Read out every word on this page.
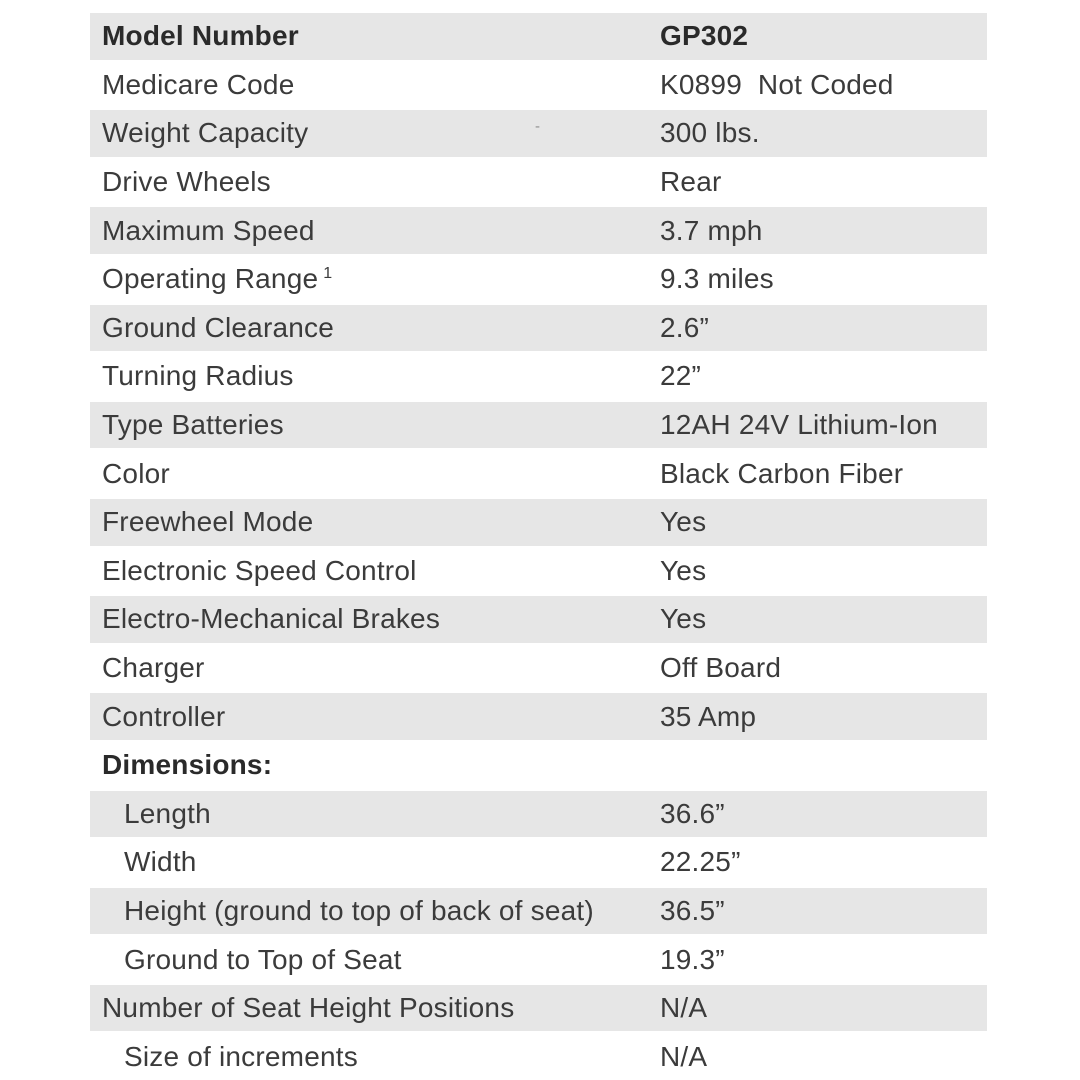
Model Number	GP302
Medicare Code	K0899  Not Coded
Weight Capacity	300 lbs.
Drive Wheels	Rear
Maximum Speed	3.7 mph
Operating Range $^1$	9.3 miles
Ground Clearance	2.6”
Turning Radius	22”
Type Batteries	12AH 24V Lithium-Ion
Color	Black Carbon Fiber
Freewheel Mode	Yes
Electronic Speed Control	Yes
Electro-Mechanical Brakes	Yes
Charger	Off Board
Controller	35 Amp
Dimensions:
Length	36.6”
Width	22.25”
Height (ground to top of back of seat)	36.5”
Ground to Top of Seat	19.3”
Number of Seat Height Positions	N/A
Size of increments	N/A
-
